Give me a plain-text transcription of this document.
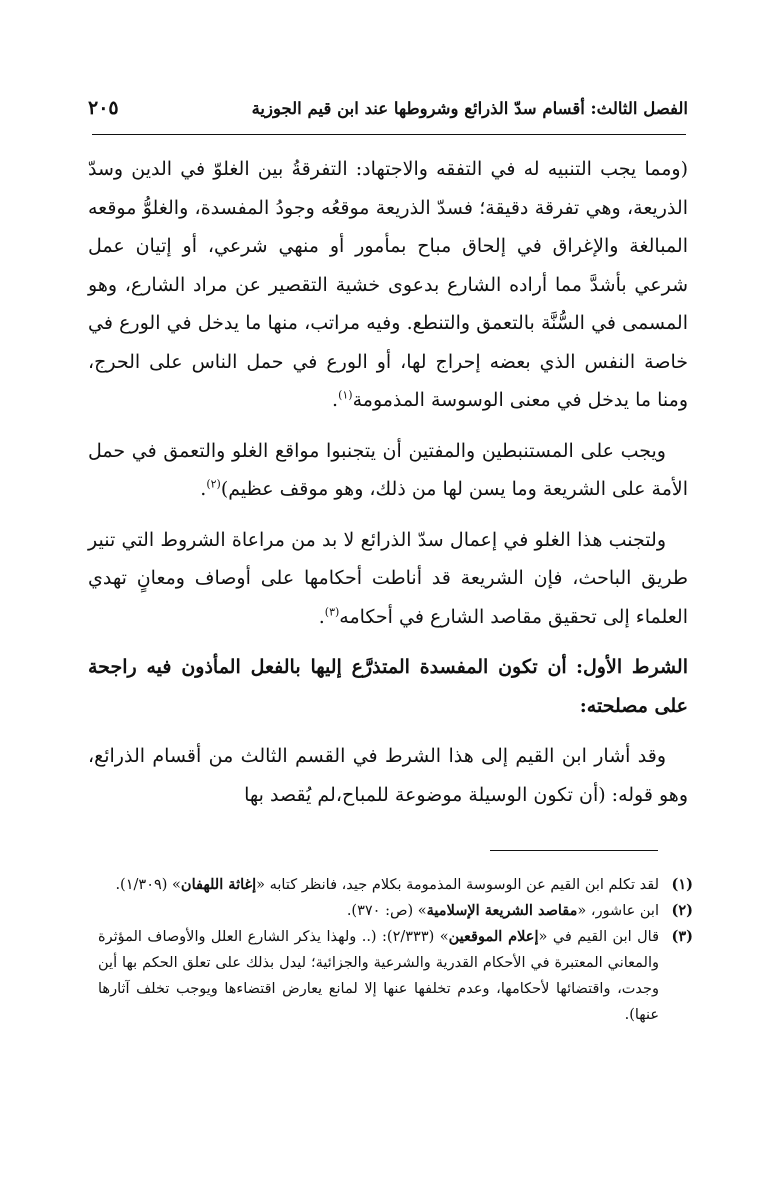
الفصل الثالث: أقسام سدّ الذرائع وشروطها عند ابن قيم الجوزية
٢٠٥

(ومما يجب التنبيه له في التفقه والاجتهاد: التفرقةُ بين الغلوّ في الدين وسدّ الذريعة، وهي تفرقة دقيقة؛ فسدّ الذريعة موقعُه وجودُ المفسدة، والغلوُّ موقعه المبالغة والإغراق في إلحاق مباح بمأمور أو منهي شرعي، أو إتيان عمل شرعي بأشدَّ مما أراده الشارع بدعوى خشية التقصير عن مراد الشارع، وهو المسمى في السُّنَّة بالتعمق والتنطع. وفيه مراتب، منها ما يدخل في الورع في خاصة النفس الذي بعضه إحراج لها، أو الورع في حمل الناس على الحرج، ومنا ما يدخل في معنى الوسوسة المذمومة$^{(١)}$.

ويجب على المستنبطين والمفتين أن يتجنبوا مواقع الغلو والتعمق في حمل الأمة على الشريعة وما يسن لها من ذلك، وهو موقف عظيم)$^{(٢)}$.

ولتجنب هذا الغلو في إعمال سدّ الذرائع لا بد من مراعاة الشروط التي تنير طريق الباحث، فإن الشريعة قد أناطت أحكامها على أوصاف ومعانٍ تهدي العلماء إلى تحقيق مقاصد الشارع في أحكامه$^{(٣)}$.

الشرط الأول: أن تكون المفسدة المتذرَّع إليها بالفعل المأذون فيه راجحة على مصلحته:

وقد أشار ابن القيم إلى هذا الشرط في القسم الثالث من أقسام الذرائع، وهو قوله: (أن تكون الوسيلة موضوعة للمباح،لم يُقصد بها

(١)
لقد تكلم ابن القيم عن الوسوسة المذمومة بكلام جيد، فانظر كتابه «إغاثة اللهفان» (١/٣٠٩).
(٢)
ابن عاشور، «مقاصد الشريعة الإسلامية» (ص: ٣٧٠).
(٣)
قال ابن القيم في «إعلام الموقعين» (٢/٣٣٣): (.. ولهذا يذكر الشارع العلل والأوصاف المؤثرة والمعاني المعتبرة في الأحكام القدرية والشرعية والجزائية؛ ليدل بذلك على تعلق الحكم بها أين وجدت، واقتضائها لأحكامها، وعدم تخلفها عنها إلا لمانع يعارض اقتضاءها ويوجب تخلف آثارها عنها).
